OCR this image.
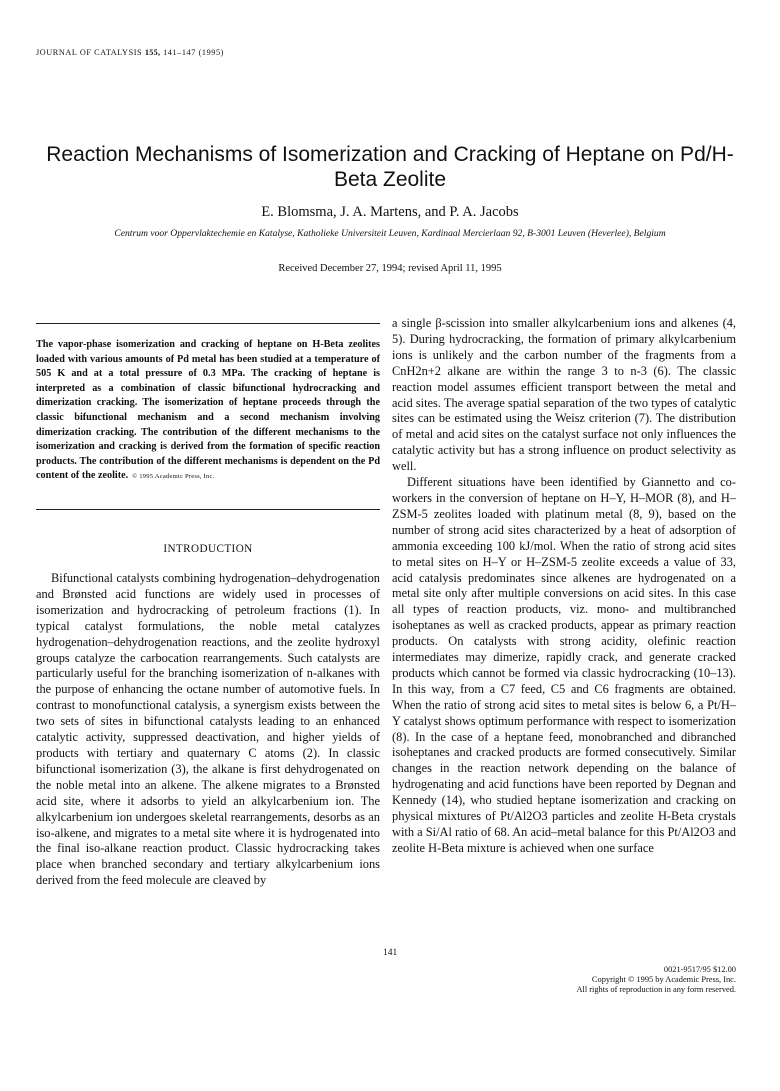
JOURNAL OF CATALYSIS 155, 141–147 (1995)
Reaction Mechanisms of Isomerization and Cracking of Heptane on Pd/H-Beta Zeolite
E. Blomsma, J. A. Martens, and P. A. Jacobs
Centrum voor Oppervlaktechemie en Katalyse, Katholieke Universiteit Leuven, Kardinaal Mercierlaan 92, B-3001 Leuven (Heverlee), Belgium
Received December 27, 1994; revised April 11, 1995
The vapor-phase isomerization and cracking of heptane on H-Beta zeolites loaded with various amounts of Pd metal has been studied at a temperature of 505 K and at a total pressure of 0.3 MPa. The cracking of heptane is interpreted as a combination of classic bifunctional hydrocracking and dimerization cracking. The isomerization of heptane proceeds through the classic bifunctional mechanism and a second mechanism involving dimerization cracking. The contribution of the different mechanisms to the isomerization and cracking is derived from the formation of specific reaction products. The contribution of the different mechanisms is dependent on the Pd content of the zeolite. © 1995 Academic Press, Inc.
INTRODUCTION

Bifunctional catalysts combining hydrogenation–dehydrogenation and Brønsted acid functions are widely used in processes of isomerization and hydrocracking of petroleum fractions (1). In typical catalyst formulations, the noble metal catalyzes hydrogenation–dehydrogenation reactions, and the zeolite hydroxyl groups catalyze the carbocation rearrangements. Such catalysts are particularly useful for the branching isomerization of n-alkanes with the purpose of enhancing the octane number of automotive fuels. In contrast to monofunctional catalysis, a synergism exists between the two sets of sites in bifunctional catalysts leading to an enhanced catalytic activity, suppressed deactivation, and higher yields of products with tertiary and quaternary C atoms (2). In classic bifunctional isomerization (3), the alkane is first dehydrogenated on the noble metal into an alkene. The alkene migrates to a Brønsted acid site, where it adsorbs to yield an alkylcarbenium ion. The alkylcarbenium ion undergoes skeletal rearrangements, desorbs as an iso-alkene, and migrates to a metal site where it is hydrogenated into the final iso-alkane reaction product. Classic hydrocracking takes place when branched secondary and tertiary alkylcarbenium ions derived from the feed molecule are cleaved by

a single β-scission into smaller alkylcarbenium ions and alkenes (4, 5). During hydrocracking, the formation of primary alkylcarbenium ions is unlikely and the carbon number of the fragments from a CnH2n+2 alkane are within the range 3 to n-3 (6). The classic reaction model assumes efficient transport between the metal and acid sites. The average spatial separation of the two types of catalytic sites can be estimated using the Weisz criterion (7). The distribution of metal and acid sites on the catalyst surface not only influences the catalytic activity but has a strong influence on product selectivity as well.

Different situations have been identified by Giannetto and co-workers in the conversion of heptane on H–Y, H–MOR (8), and H–ZSM-5 zeolites loaded with platinum metal (8, 9), based on the number of strong acid sites characterized by a heat of adsorption of ammonia exceeding 100 kJ/mol. When the ratio of strong acid sites to metal sites on H–Y or H–ZSM-5 zeolite exceeds a value of 33, acid catalysis predominates since alkenes are hydrogenated on a metal site only after multiple conversions on acid sites. In this case all types of reaction products, viz. mono- and multibranched isoheptanes as well as cracked products, appear as primary reaction products. On catalysts with strong acidity, olefinic reaction intermediates may dimerize, rapidly crack, and generate cracked products which cannot be formed via classic hydrocracking (10–13). In this way, from a C7 feed, C5 and C6 fragments are obtained. When the ratio of strong acid sites to metal sites is below 6, a Pt/H–Y catalyst shows optimum performance with respect to isomerization (8). In the case of a heptane feed, monobranched and dibranched isoheptanes and cracked products are formed consecutively. Similar changes in the reaction network depending on the balance of hydrogenating and acid functions have been reported by Degnan and Kennedy (14), who studied heptane isomerization and cracking on physical mixtures of Pt/Al2O3 particles and zeolite H-Beta crystals with a Si/Al ratio of 68. An acid–metal balance for this Pt/Al2O3 and zeolite H-Beta mixture is achieved when one surface

141
0021-9517/95 $12.00
Copyright © 1995 by Academic Press, Inc.
All rights of reproduction in any form reserved.
